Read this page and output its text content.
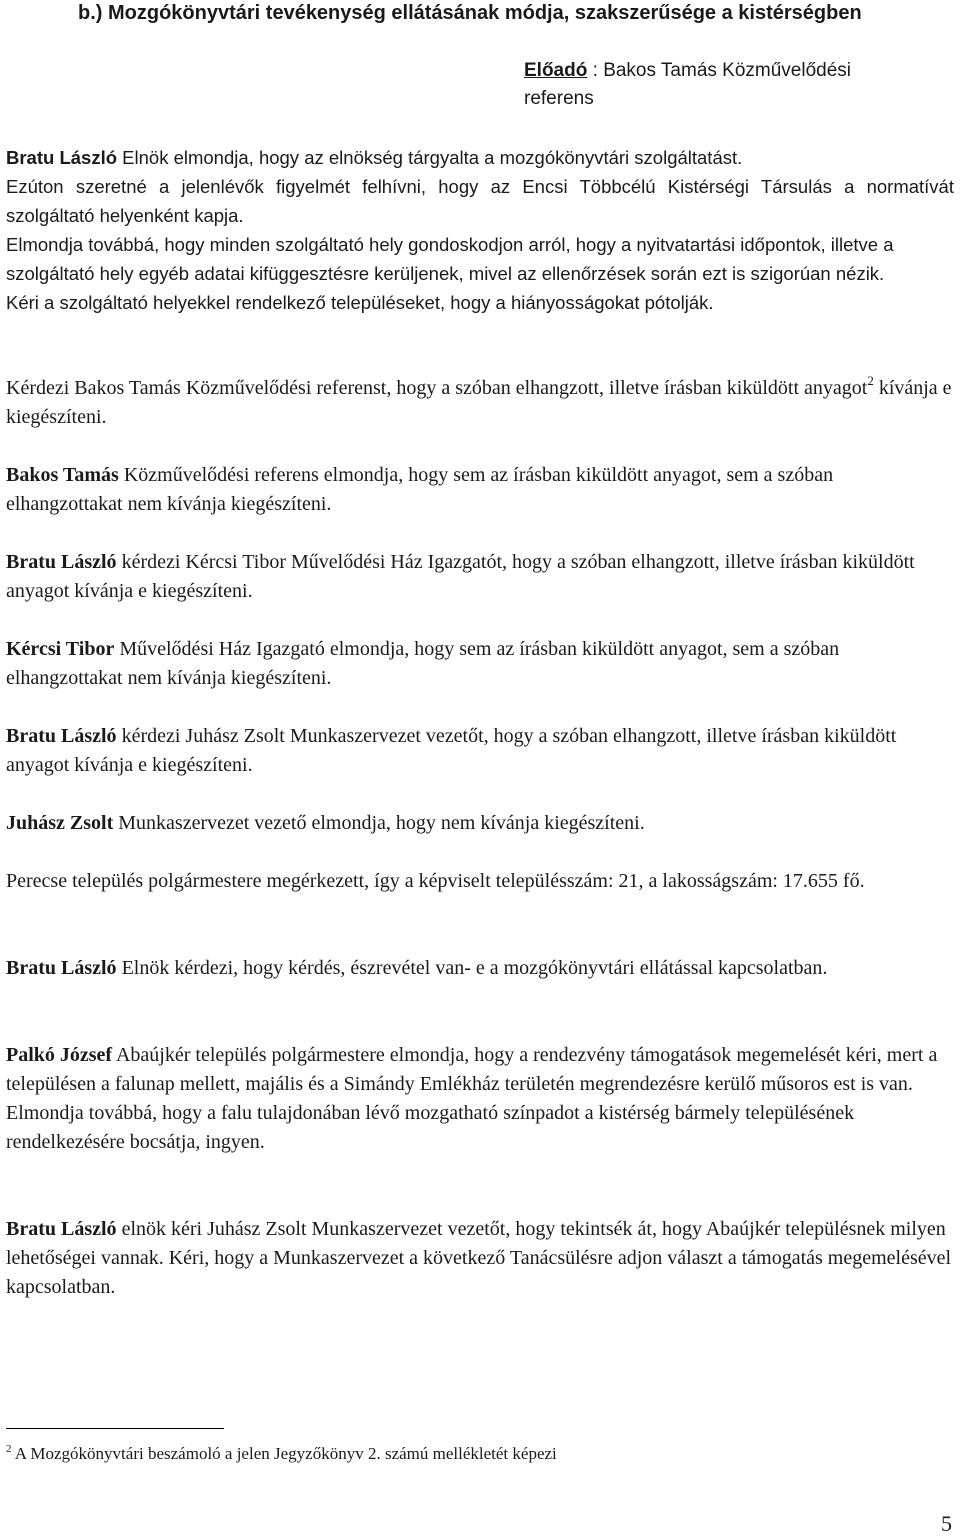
b.) Mozgókönyvtári tevékenység ellátásának módja, szakszerűsége a kistérségben
Előadó : Bakos Tamás Közművelődési referens
Bratu László Elnök elmondja, hogy az elnökség tárgyalta a mozgókönyvtári szolgáltatást.
Ezúton szeretné a jelenlévők figyelmét felhívni, hogy az Encsi Többcélú Kistérségi Társulás a normatívát szolgáltató helyenként kapja.
Elmondja továbbá, hogy minden szolgáltató hely gondoskodjon arról, hogy a nyitvatartási időpontok, illetve a szolgáltató hely egyéb adatai kifüggesztésre kerüljenek, mivel az ellenőrzések során ezt is szigorúan nézik.
Kéri a szolgáltató helyekkel rendelkező településeket, hogy a hiányosságokat pótolják.
Kérdezi Bakos Tamás Közművelődési referenst, hogy a szóban elhangzott, illetve írásban kiküldött anyagot$^2$ kívánja e kiegészíteni.
Bakos Tamás Közművelődési referens elmondja, hogy sem az írásban kiküldött anyagot, sem a szóban elhangzottakat nem kívánja kiegészíteni.
Bratu László kérdezi Kércsi Tibor Művelődési Ház Igazgatót, hogy a szóban elhangzott, illetve írásban kiküldött anyagot kívánja e kiegészíteni.
Kércsi Tibor Művelődési Ház Igazgató elmondja, hogy sem az írásban kiküldött anyagot, sem a szóban elhangzottakat nem kívánja kiegészíteni.
Bratu László kérdezi Juhász Zsolt Munkaszervezet vezetőt, hogy a szóban elhangzott, illetve írásban kiküldött anyagot kívánja e kiegészíteni.
Juhász Zsolt Munkaszervezet vezető elmondja, hogy nem kívánja kiegészíteni.
Perecse település polgármestere megérkezett, így a képviselt településszám: 21, a lakosságszám: 17.655 fő.
Bratu László Elnök kérdezi, hogy kérdés, észrevétel van- e a mozgókönyvtári ellátással kapcsolatban.
Palkó József Abaújkér település polgármestere elmondja, hogy a rendezvény támogatások megemelését kéri, mert a településen a falunap mellett, majális és a Simándy Emlékház területén megrendezésre kerülő műsoros est is van.
Elmondja továbbá, hogy a falu tulajdonában lévő mozgatható színpadot a kistérség bármely településének rendelkezésére bocsátja, ingyen.
Bratu László elnök kéri Juhász Zsolt Munkaszervezet vezetőt, hogy tekintsék át, hogy Abaújkér településnek milyen lehetőségei vannak. Kéri, hogy a Munkaszervezet a következő Tanácsülésre adjon választ a támogatás megemelésével kapcsolatban.
$^2$ A Mozgókönyvtári beszámoló a jelen Jegyzőkönyv 2. számú mellékletét képezi
5
